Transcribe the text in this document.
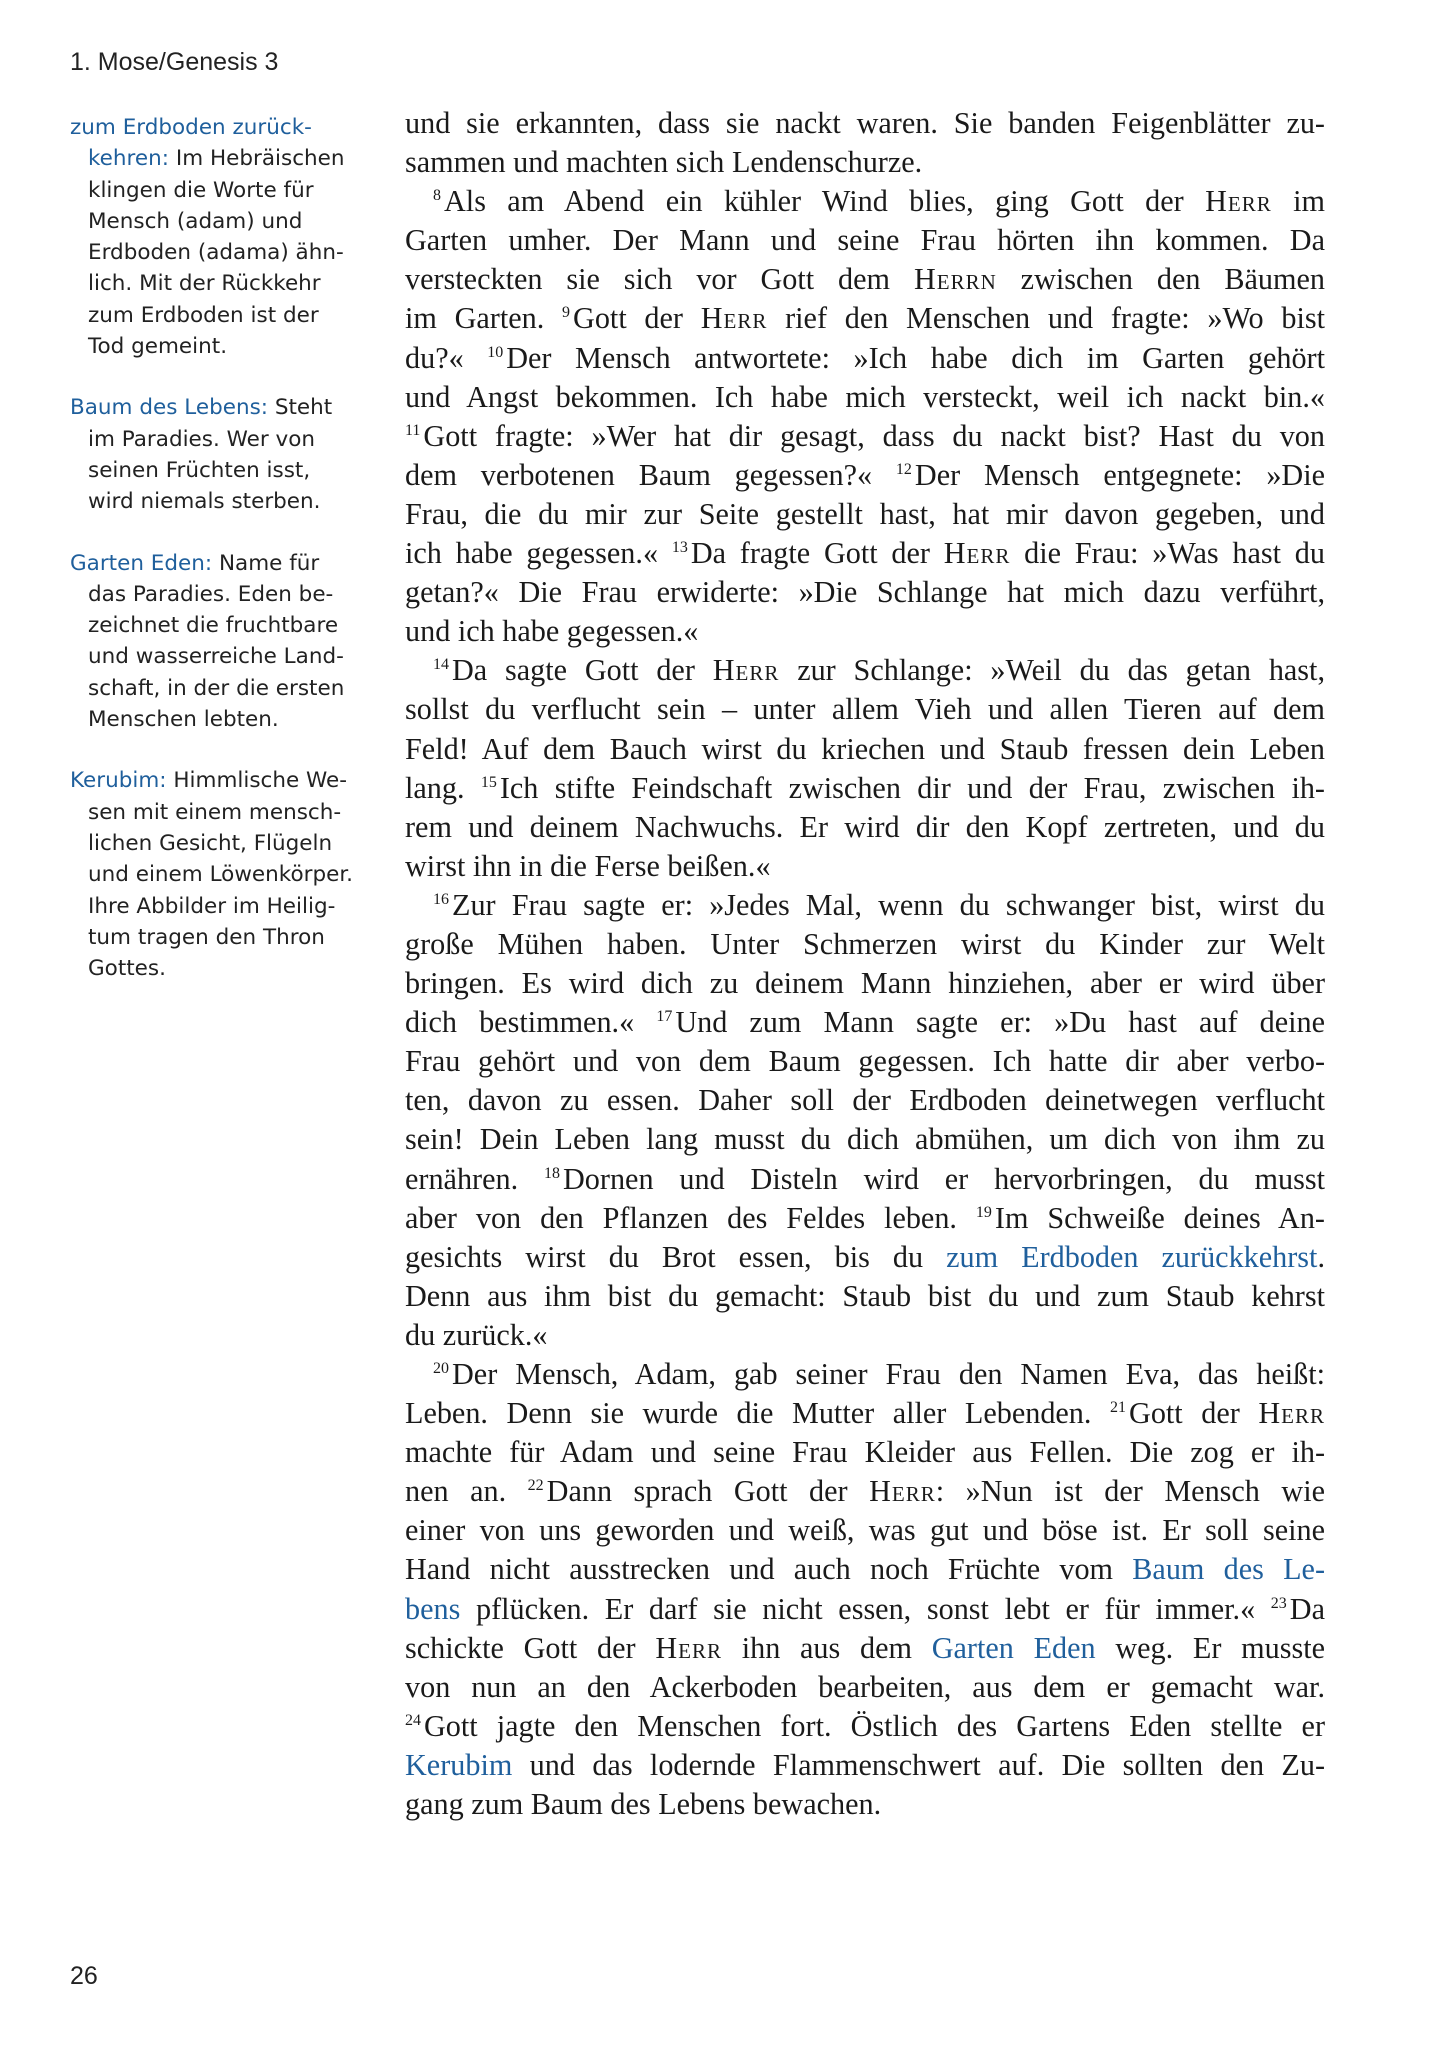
1. Mose/Genesis 3
zum Erdboden zurück-
kehren: Im Hebräischen
klingen die Worte für
Mensch (adam) und
Erdboden (adama) ähn-
lich. Mit der Rückkehr
zum Erdboden ist der
Tod gemeint.
Baum des Lebens: Steht
im Paradies. Wer von
seinen Früchten isst,
wird niemals sterben.
Garten Eden: Name für
das Paradies. Eden be-
zeichnet die fruchtbare
und wasserreiche Land-
schaft, in der die ersten
Menschen lebten.
Kerubim: Himmlische We-
sen mit einem mensch-
lichen Gesicht, Flügeln
und einem Löwenkörper.
Ihre Abbilder im Heilig-
tum tragen den Thron
Gottes.
und sie erkannten, dass sie nackt waren. Sie banden Feigenblätter zu-
sammen und machten sich Lendenschurze.
$^8$Als am Abend ein kühler Wind blies, ging Gott der Herr im
Garten umher. Der Mann und seine Frau hörten ihn kommen. Da
versteckten sie sich vor Gott dem Herrn zwischen den Bäumen
im Garten. $^9$Gott der Herr rief den Menschen und fragte: »Wo bist
du?« $^{10}$Der Mensch antwortete: »Ich habe dich im Garten gehört
und Angst bekommen. Ich habe mich versteckt, weil ich nackt bin.«
$^{11}$Gott fragte: »Wer hat dir gesagt, dass du nackt bist? Hast du von
dem verbotenen Baum gegessen?« $^{12}$Der Mensch entgegnete: »Die
Frau, die du mir zur Seite gestellt hast, hat mir davon gegeben, und
ich habe gegessen.« $^{13}$Da fragte Gott der Herr die Frau: »Was hast du
getan?« Die Frau erwiderte: »Die Schlange hat mich dazu verführt,
und ich habe gegessen.«
$^{14}$Da sagte Gott der Herr zur Schlange: »Weil du das getan hast,
sollst du verflucht sein – unter allem Vieh und allen Tieren auf dem
Feld! Auf dem Bauch wirst du kriechen und Staub fressen dein Leben
lang. $^{15}$Ich stifte Feindschaft zwischen dir und der Frau, zwischen ih-
rem und deinem Nachwuchs. Er wird dir den Kopf zertreten, und du
wirst ihn in die Ferse beißen.«
$^{16}$Zur Frau sagte er: »Jedes Mal, wenn du schwanger bist, wirst du
große Mühen haben. Unter Schmerzen wirst du Kinder zur Welt
bringen. Es wird dich zu deinem Mann hinziehen, aber er wird über
dich bestimmen.« $^{17}$Und zum Mann sagte er: »Du hast auf deine
Frau gehört und von dem Baum gegessen. Ich hatte dir aber verbo-
ten, davon zu essen. Daher soll der Erdboden deinetwegen verflucht
sein! Dein Leben lang musst du dich abmühen, um dich von ihm zu
ernähren. $^{18}$Dornen und Disteln wird er hervorbringen, du musst
aber von den Pflanzen des Feldes leben. $^{19}$Im Schweiße deines An-
gesichts wirst du Brot essen, bis du zum Erdboden zurückkehrst.
Denn aus ihm bist du gemacht: Staub bist du und zum Staub kehrst
du zurück.«
$^{20}$Der Mensch, Adam, gab seiner Frau den Namen Eva, das heißt:
Leben. Denn sie wurde die Mutter aller Lebenden. $^{21}$Gott der Herr
machte für Adam und seine Frau Kleider aus Fellen. Die zog er ih-
nen an. $^{22}$Dann sprach Gott der Herr: »Nun ist der Mensch wie
einer von uns geworden und weiß, was gut und böse ist. Er soll seine
Hand nicht ausstrecken und auch noch Früchte vom Baum des Le-
bens pflücken. Er darf sie nicht essen, sonst lebt er für immer.« $^{23}$Da
schickte Gott der Herr ihn aus dem Garten Eden weg. Er musste
von nun an den Ackerboden bearbeiten, aus dem er gemacht war.
$^{24}$Gott jagte den Menschen fort. Östlich des Gartens Eden stellte er
Kerubim und das lodernde Flammenschwert auf. Die sollten den Zu-
gang zum Baum des Lebens bewachen.
26
